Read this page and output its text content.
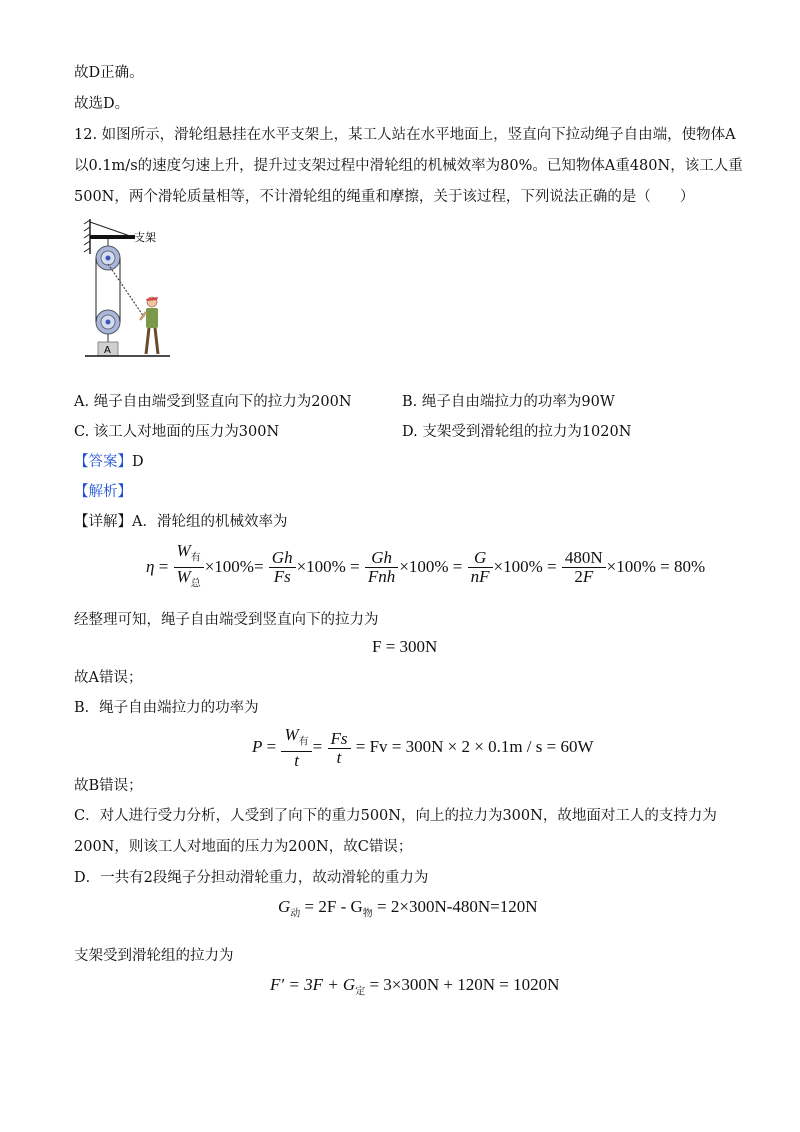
故D正确。
故选D。
12. 如图所示，滑轮组悬挂在水平支架上，某工人站在水平地面上，竖直向下拉动绳子自由端，使物体A
以0.1m/s的速度匀速上升，提升过支架过程中滑轮组的机械效率为80%。已知物体A重480N，该工人重
500N，两个滑轮质量相等，不计滑轮组的绳重和摩擦，关于该过程，下列说法正确的是（　　）
支架
A
A. 绳子自由端受到竖直向下的拉力为200N	B. 绳子自由端拉力的功率为90W
C. 该工人对地面的压力为300N	D. 支架受到滑轮组的拉力为1020N
【答案】D
【解析】
【详解】A．滑轮组的机械效率为
$\eta = \frac{W_有}{W_总} \times 100\%= \frac{Gh}{Fs} \times 100\% = \frac{Gh}{\text{Fnh}} \times 100\% = \frac{G}{nF} \times 100\% = \frac{480N}{2F} \times 100\% = 80\%$
经整理可知，绳子自由端受到竖直向下的拉力为
F = 300N
故A错误；
B．绳子自由端拉力的功率为
$P = \frac{W_有}{t} = \frac{Fs}{t} = Fv = 300N \times 2 \times 0.1m / s = 60W$
故B错误；
C．对人进行受力分析，人受到了向下的重力500N，向上的拉力为300N，故地面对工人的支持力为
200N，则该工人对地面的压力为200N，故C错误；
D．一共有2段绳子分担动滑轮重力，故动滑轮的重力为
$G_动 = 2F - G_物 = 2\times 300N-480N=120N$
支架受到滑轮组的拉力为
$F' = 3F + G_定 = 3\times 300N + 120N = 1020N$
